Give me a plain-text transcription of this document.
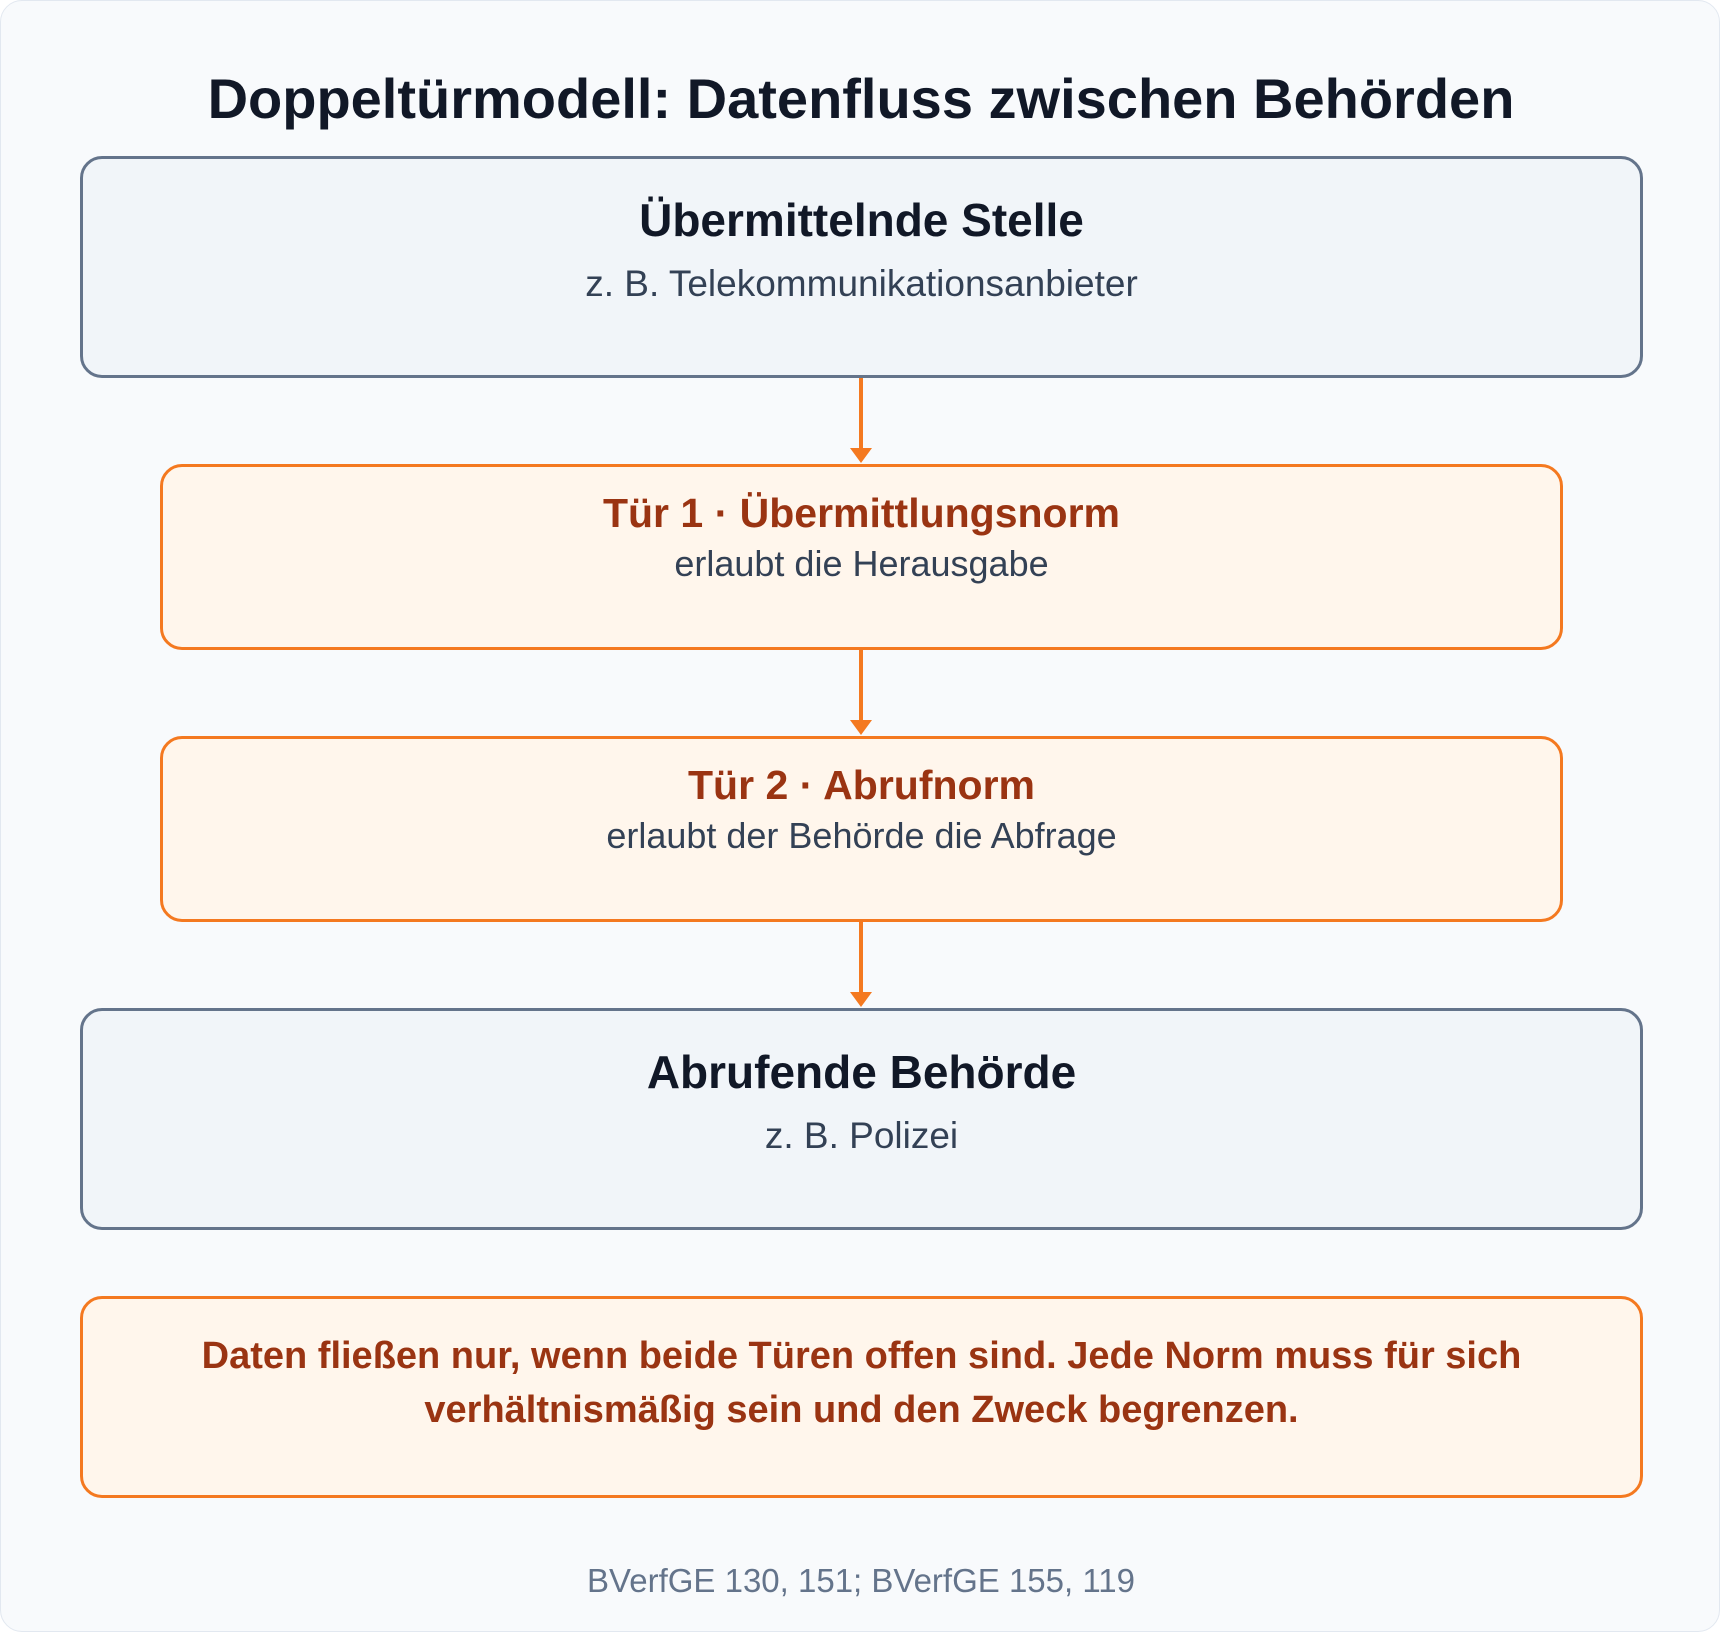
Doppeltürmodell: Datenfluss zwischen Behörden
Übermittelnde Stelle
z. B. Telekommunikationsanbieter
Tür 1 · Übermittlungsnorm
erlaubt die Herausgabe
Tür 2 · Abrufnorm
erlaubt der Behörde die Abfrage
Abrufende Behörde
z. B. Polizei
Daten fließen nur, wenn beide Türen offen sind. Jede Norm muss für sich verhältnismäßig sein und den Zweck begrenzen.
BVerfGE 130, 151; BVerfGE 155, 119
